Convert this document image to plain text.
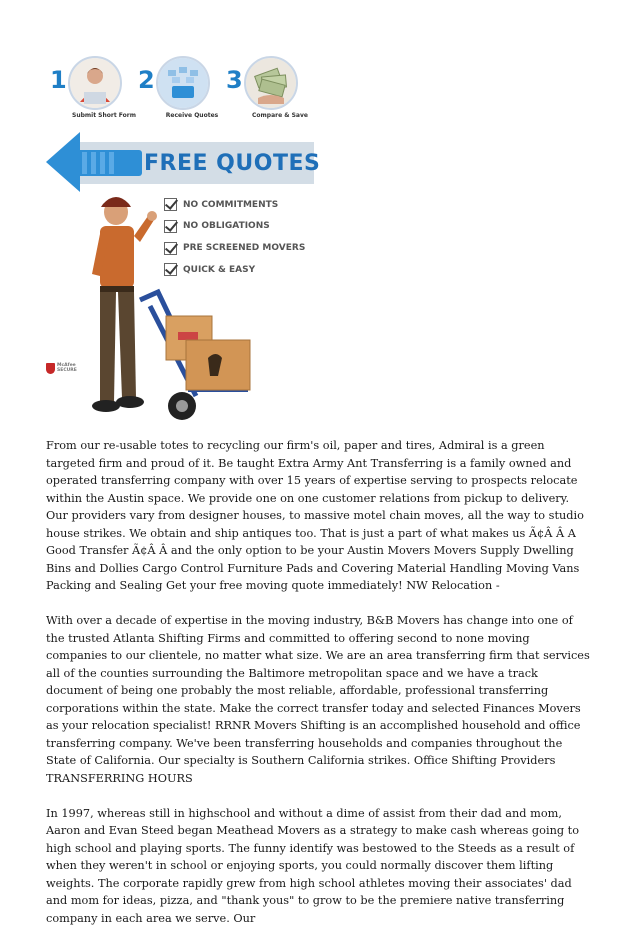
1
Submit Short Form
2
Receive Quotes
3
Compare & Save
FREE QUOTES
NO COMMITMENTS
NO OBLIGATIONS
PRE SCREENED MOVERS
QUICK & EASY
McAfee
SECURE

From our re-usable totes to recycling our firm's oil, paper and tires, Admiral is a green targeted firm and proud of it. Be taught Extra Army Ant Transferring is a family owned and operated transferring company with over 15 years of expertise serving to prospects relocate within the Austin space. We provide one on one customer relations from pickup to delivery. Our providers vary from designer houses, to massive motel chain moves, all the way to studio house strikes. We obtain and ship antiques too. That is just a part of what makes us Ã¢Â Â A Good Transfer Ã¢Â Â and the only option to be your Austin Movers Movers Supply Dwelling Bins and Dollies Cargo Control Furniture Pads and Covering Material Handling Moving Vans Packing and Sealing Get your free moving quote immediately! NW Relocation -

With over a decade of expertise in the moving industry, B&B Movers has change into one of the trusted Atlanta Shifting Firms and committed to offering second to none moving companies to our clientele, no matter what size. We are an area transferring firm that services all of the counties surrounding the Baltimore metropolitan space and we have a track document of being one probably the most reliable, affordable, professional transferring corporations within the state. Make the correct transfer today and selected Finances Movers as your relocation specialist! RRNR Movers Shifting is an accomplished household and office transferring company. We've been transferring households and companies throughout the State of California. Our specialty is Southern California strikes. Office Shifting Providers TRANSFERRING HOURS

In 1997, whereas still in highschool and without a dime of assist from their dad and mom, Aaron and Evan Steed began Meathead Movers as a strategy to make cash whereas going to high school and playing sports. The funny identify was bestowed to the Steeds as a result of when they weren't in school or enjoying sports, you could normally discover them lifting weights. The corporate rapidly grew from high school athletes moving their associates' dad and mom for ideas, pizza, and "thank yous" to grow to be the premiere native transferring company in each area we serve. Our
